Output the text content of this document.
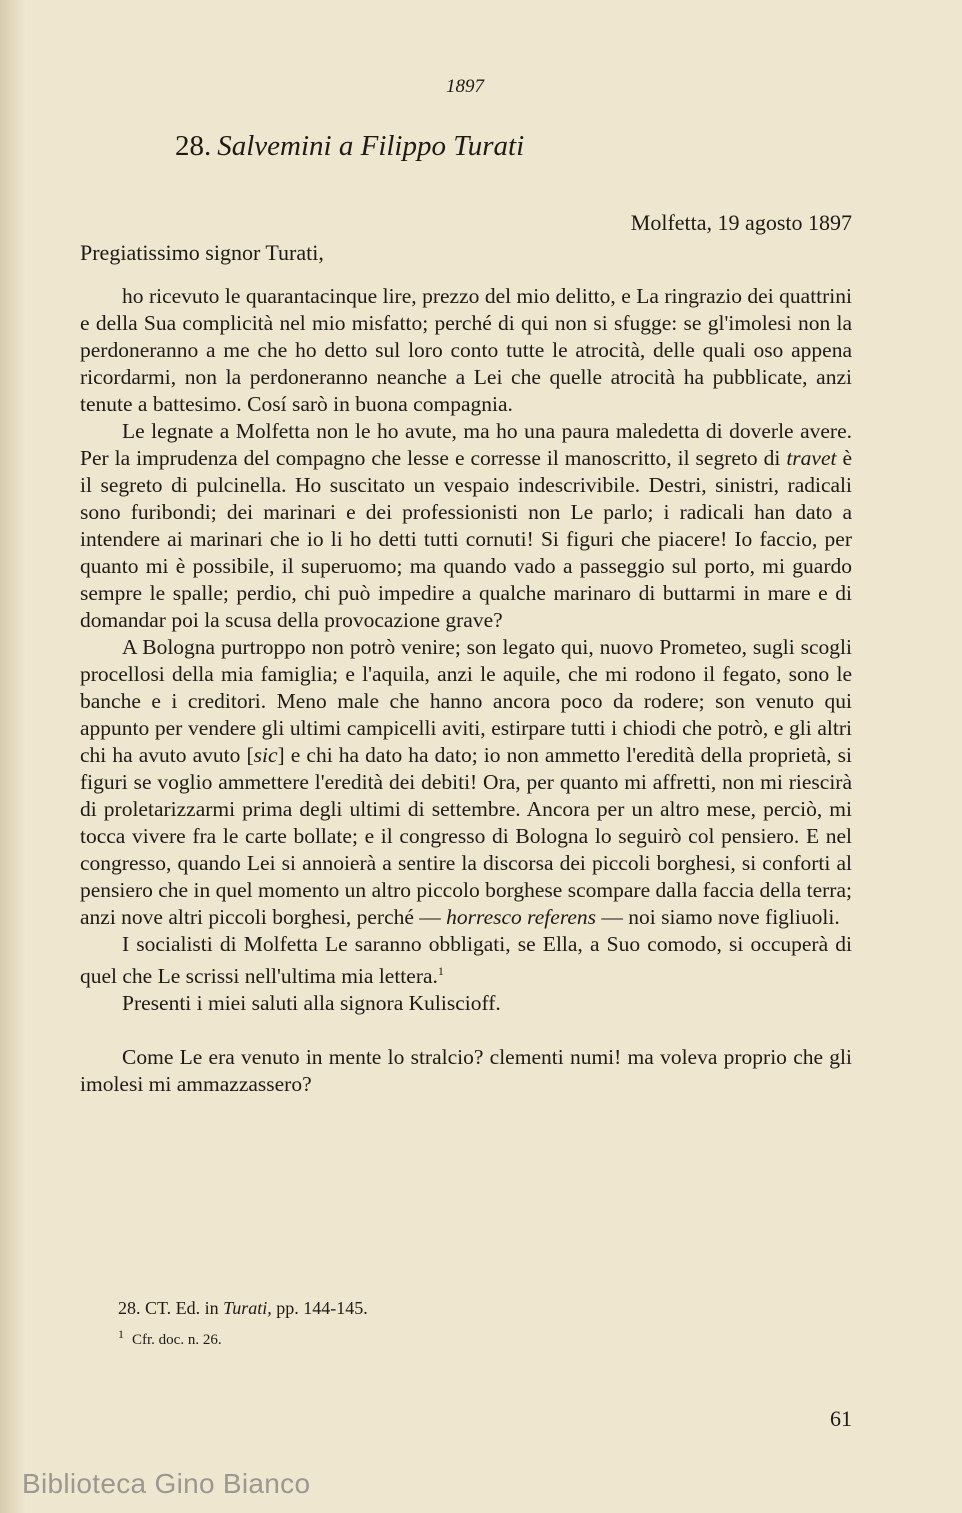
1897
28. Salvemini a Filippo Turati
Molfetta, 19 agosto 1897
Pregiatissimo signor Turati,

ho ricevuto le quarantacinque lire, prezzo del mio delitto, e La ringrazio dei quattrini e della Sua complicità nel mio misfatto; perché di qui non si sfugge: se gl'imolesi non la perdoneranno a me che ho detto sul loro conto tutte le atrocità, delle quali oso appena ricordarmi, non la perdoneranno neanche a Lei che quelle atrocità ha pubblicate, anzi tenute a battesimo. Cosí sarò in buona compagnia.

Le legnate a Molfetta non le ho avute, ma ho una paura maledetta di doverle avere. Per la imprudenza del compagno che lesse e corresse il manoscritto, il segreto di travet è il segreto di pulcinella. Ho suscitato un vespaio indescrivibile. Destri, sinistri, radicali sono furibondi; dei marinari e dei professionisti non Le parlo; i radicali han dato a intendere ai marinari che io li ho detti tutti cornuti! Si figuri che piacere! Io faccio, per quanto mi è possibile, il superuomo; ma quando vado a passeggio sul porto, mi guardo sempre le spalle; perdio, chi può impedire a qualche marinaro di buttarmi in mare e di domandar poi la scusa della provocazione grave?

A Bologna purtroppo non potrò venire; son legato qui, nuovo Prometeo, sugli scogli procellosi della mia famiglia; e l'aquila, anzi le aquile, che mi rodono il fegato, sono le banche e i creditori. Meno male che hanno ancora poco da rodere; son venuto qui appunto per vendere gli ultimi campicelli aviti, estirpare tutti i chiodi che potrò, e gli altri chi ha avuto avuto [sic] e chi ha dato ha dato; io non ammetto l'eredità della proprietà, si figuri se voglio ammettere l'eredità dei debiti! Ora, per quanto mi affretti, non mi riescirà di proletarizzarmi prima degli ultimi di settembre. Ancora per un altro mese, perciò, mi tocca vivere fra le carte bollate; e il congresso di Bologna lo seguirò col pensiero. E nel congresso, quando Lei si annoierà a sentire la discorsa dei piccoli borghesi, si conforti al pensiero che in quel momento un altro piccolo borghese scompare dalla faccia della terra; anzi nove altri piccoli borghesi, perché — horresco referens — noi siamo nove figliuoli.

I socialisti di Molfetta Le saranno obbligati, se Ella, a Suo comodo, si occuperà di quel che Le scrissi nell'ultima mia lettera.$^1$

Presenti i miei saluti alla signora Kuliscioff.

Come Le era venuto in mente lo stralcio? clementi numi! ma voleva proprio che gli imolesi mi ammazzassero?

28. CT. Ed. in Turati, pp. 144-145.
$^1$ Cfr. doc. n. 26.
61
Biblioteca Gino Bianco
